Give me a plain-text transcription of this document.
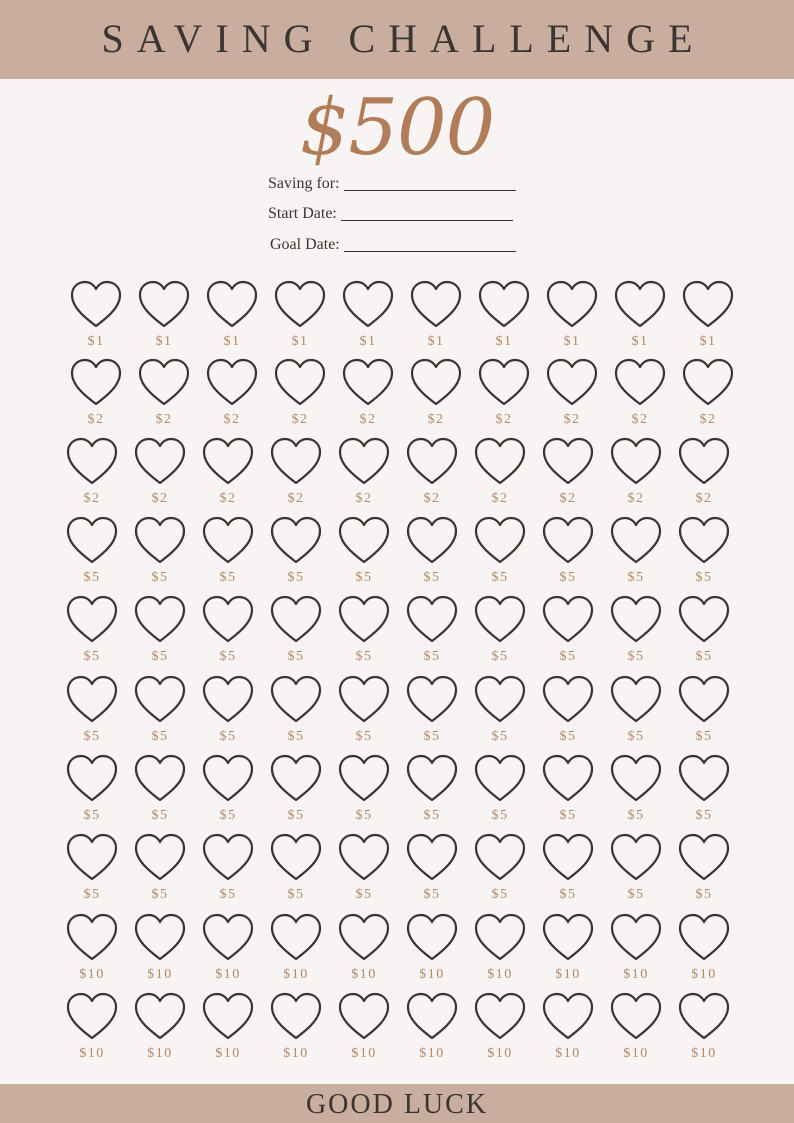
SAVING CHALLENGE
$500
Saving for:
Start Date:
Goal Date:
$1	$1	$1	$1	$1	$1	$1	$1	$1	$1
$2	$2	$2	$2	$2	$2	$2	$2	$2	$2
$2	$2	$2	$2	$2	$2	$2	$2	$2	$2
$5	$5	$5	$5	$5	$5	$5	$5	$5	$5
$5	$5	$5	$5	$5	$5	$5	$5	$5	$5
$5	$5	$5	$5	$5	$5	$5	$5	$5	$5
$5	$5	$5	$5	$5	$5	$5	$5	$5	$5
$5	$5	$5	$5	$5	$5	$5	$5	$5	$5
$10	$10	$10	$10	$10	$10	$10	$10	$10	$10
$10	$10	$10	$10	$10	$10	$10	$10	$10	$10
GOOD LUCK
